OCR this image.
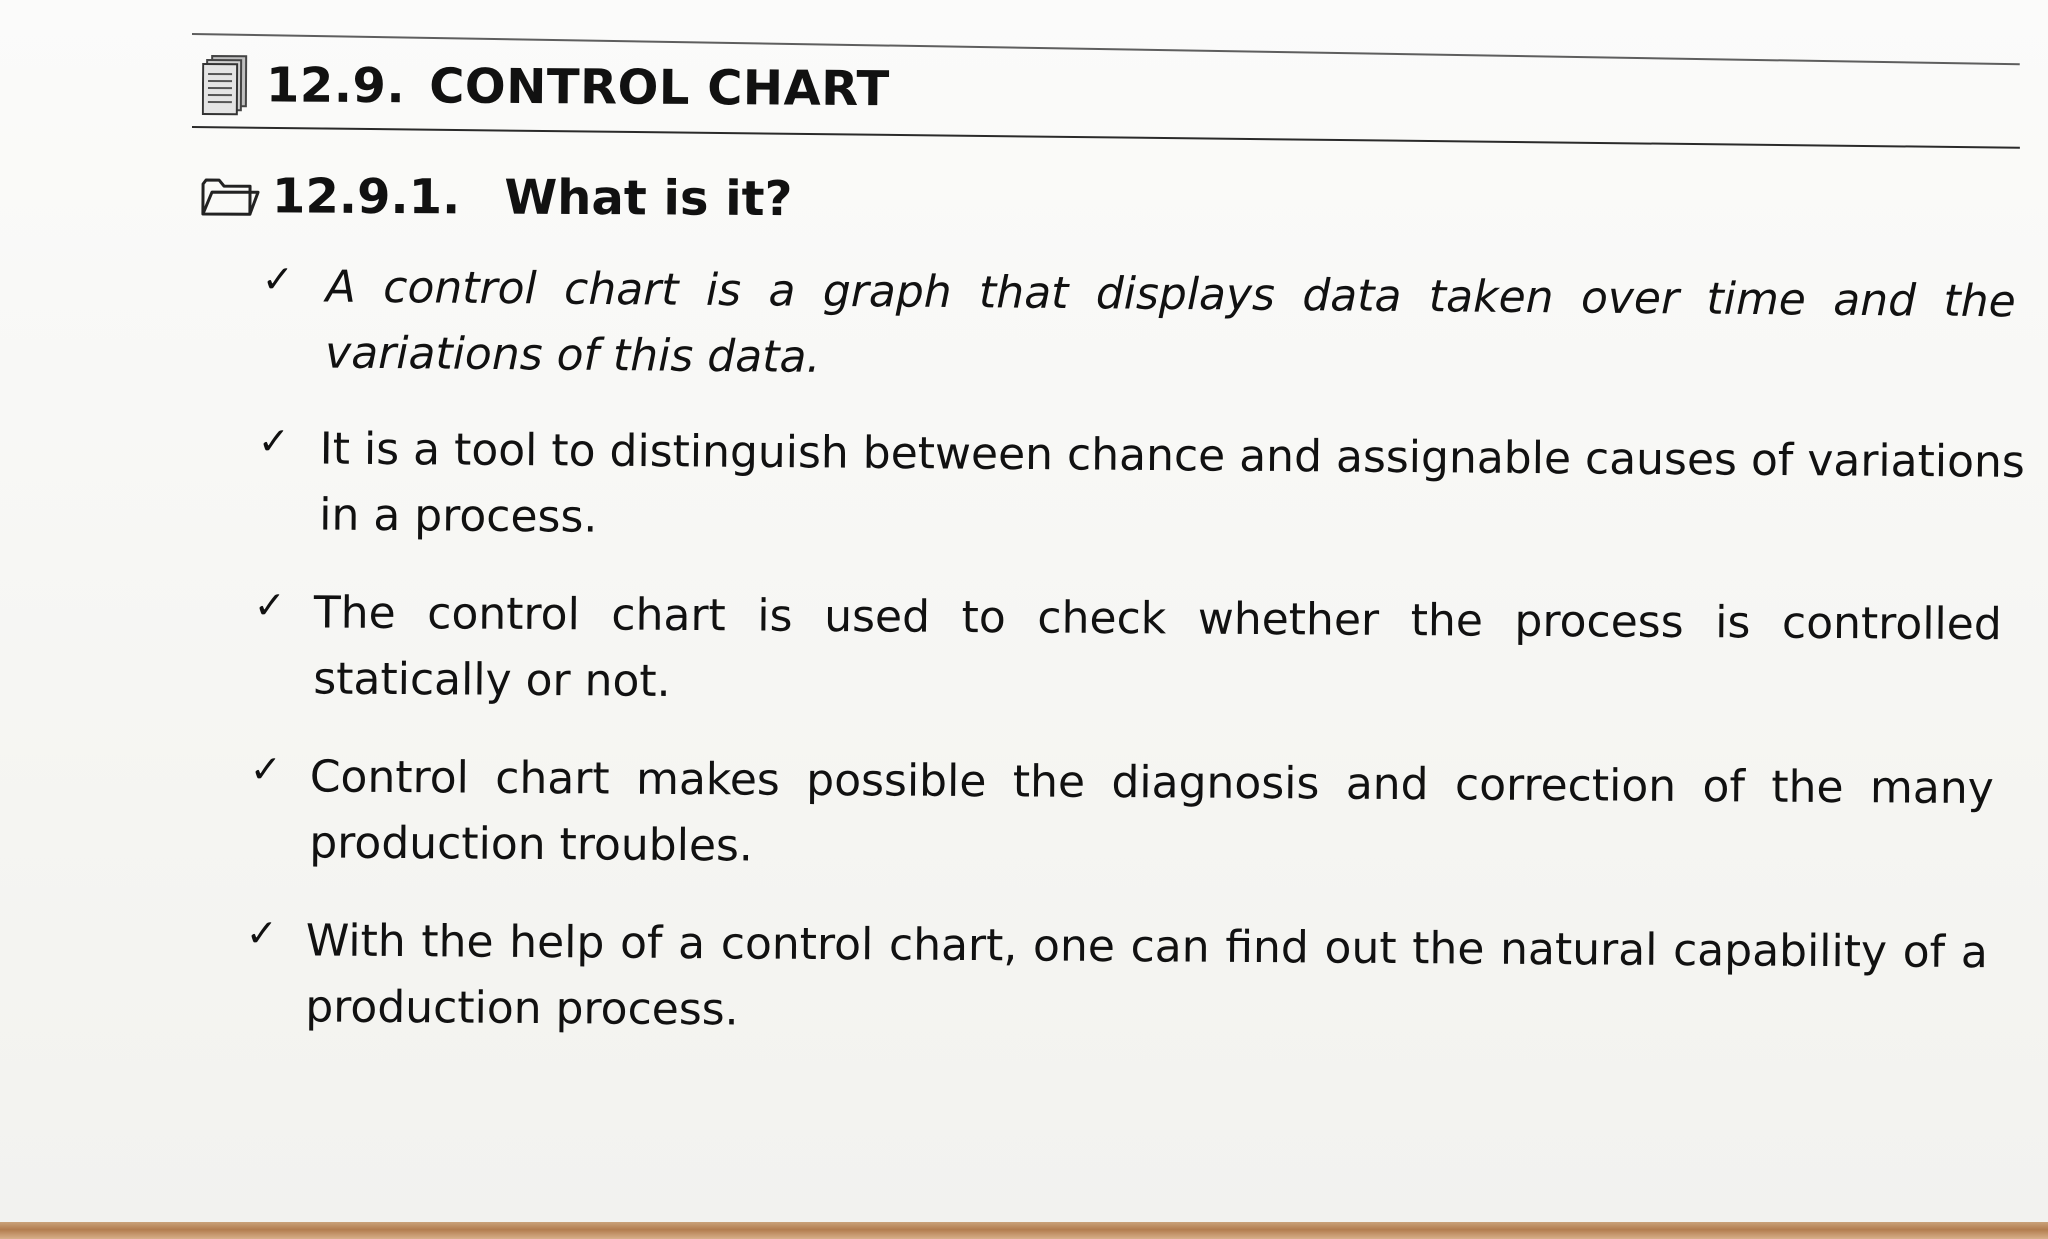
12.9. CONTROL CHART
12.9.1. What is it?
✓ A control chart is a graph that displays data taken over time and the
variations of this data.
✓ It is a tool to distinguish between chance and assignable causes of variations
in a process.
✓ The control chart is used to check whether the process is controlled
statically or not.
✓ Control chart makes possible the diagnosis and correction of the many
production troubles.
✓ With the help of a control chart, one can find out the natural capability of a
production process.
